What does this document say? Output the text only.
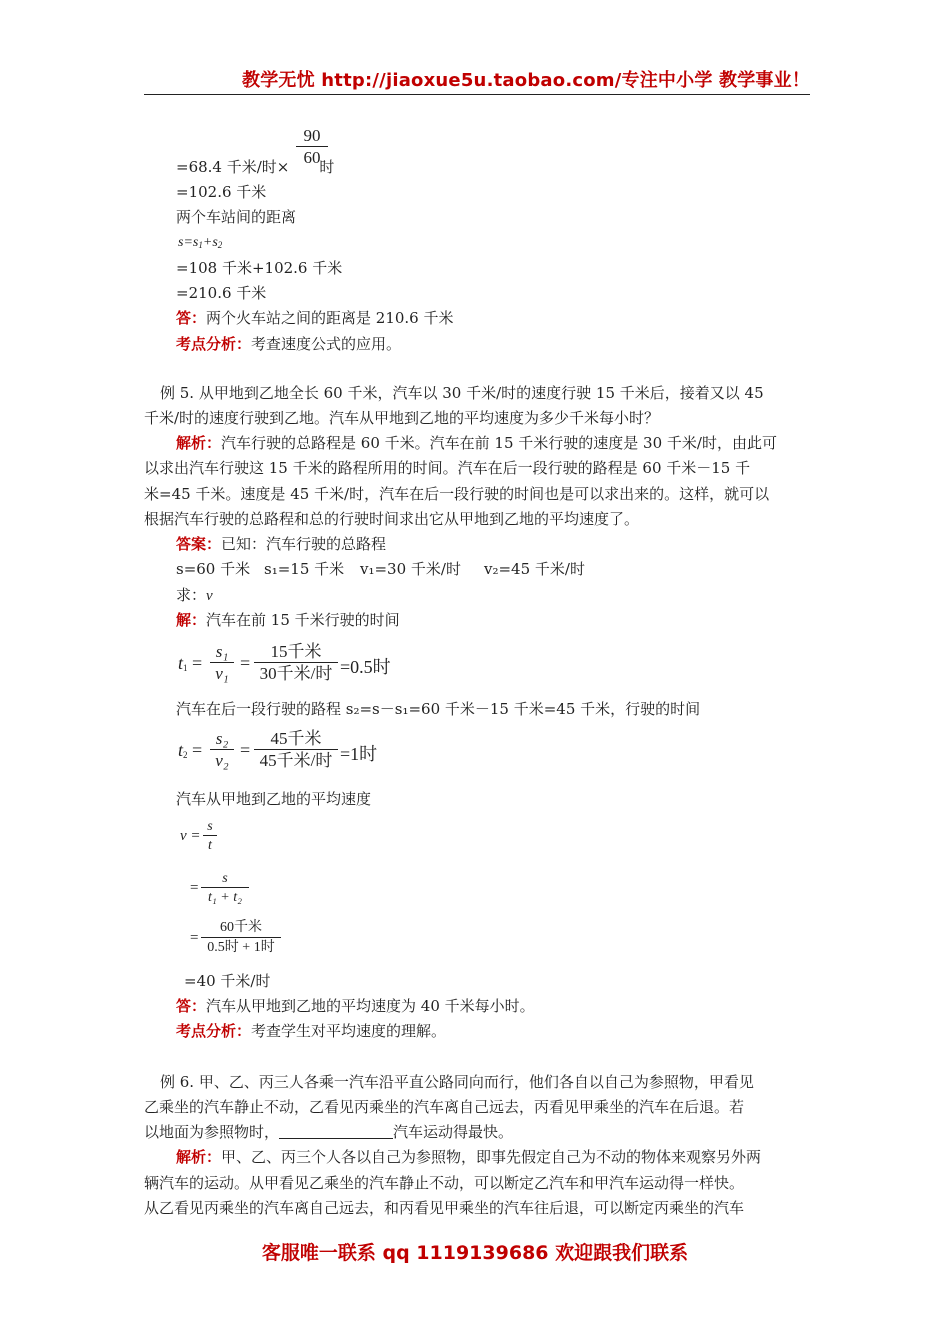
教学无忧 http://jiaoxue5u.taobao.com/专注中小学 教学事业！
90
60
=68.4 千米/时× 时
=102.6 千米
两个车站间的距离
$s=s_1+s_2$
=108 千米+102.6 千米
=210.6 千米
答：两个火车站之间的距离是 210.6 千米
考点分析：考查速度公式的应用。
例 5. 从甲地到乙地全长 60 千米，汽车以 30 千米/时的速度行驶 15 千米后，接着又以 45
千米/时的速度行驶到乙地。汽车从甲地到乙地的平均速度为多少千米每小时？
解析：汽车行驶的总路程是 60 千米。汽车在前 15 千米行驶的速度是 30 千米/时，由此可
以求出汽车行驶这 15 千米的路程所用的时间。汽车在后一段行驶的路程是 60 千米－15 千
米=45 千米。速度是 45 千米/时，汽车在后一段行驶的时间也是可以求出来的。这样，就可以
根据汽车行驶的总路程和总的行驶时间求出它从甲地到乙地的平均速度了。
答案：已知：汽车行驶的总路程
s=60 千米 s₁=15 千米 v₁=30 千米/时 v₂=45 千米/时
求：v
解：汽车在前 15 千米行驶的时间
$t_1$ =
s₁
v₁
=
15千米
30千米/时 =0.5时
汽车在后一段行驶的路程 s₂=s－s₁=60 千米－15 千米=45 千米，行驶的时间
$t_2$ =
s₂
v₂
=
45千米
45千米/时 =1时
汽车从甲地到乙地的平均速度
v =
s
t
=
s
t₁ + t₂
=
60千米
0.5时 + 1时
=40 千米/时
答：汽车从甲地到乙地的平均速度为 40 千米每小时。
考点分析：考查学生对平均速度的理解。
例 6. 甲、乙、丙三人各乘一汽车沿平直公路同向而行，他们各自以自己为参照物，甲看见
乙乘坐的汽车静止不动，乙看见丙乘坐的汽车离自己远去，丙看见甲乘坐的汽车在后退。若
以地面为参照物时，	汽车运动得最快。
解析：甲、乙、丙三个人各以自己为参照物，即事先假定自己为不动的物体来观察另外两
辆汽车的运动。从甲看见乙乘坐的汽车静止不动，可以断定乙汽车和甲汽车运动得一样快。
从乙看见丙乘坐的汽车离自己远去，和丙看见甲乘坐的汽车往后退，可以断定丙乘坐的汽车
客服唯一联系 qq 1119139686 欢迎跟我们联系
